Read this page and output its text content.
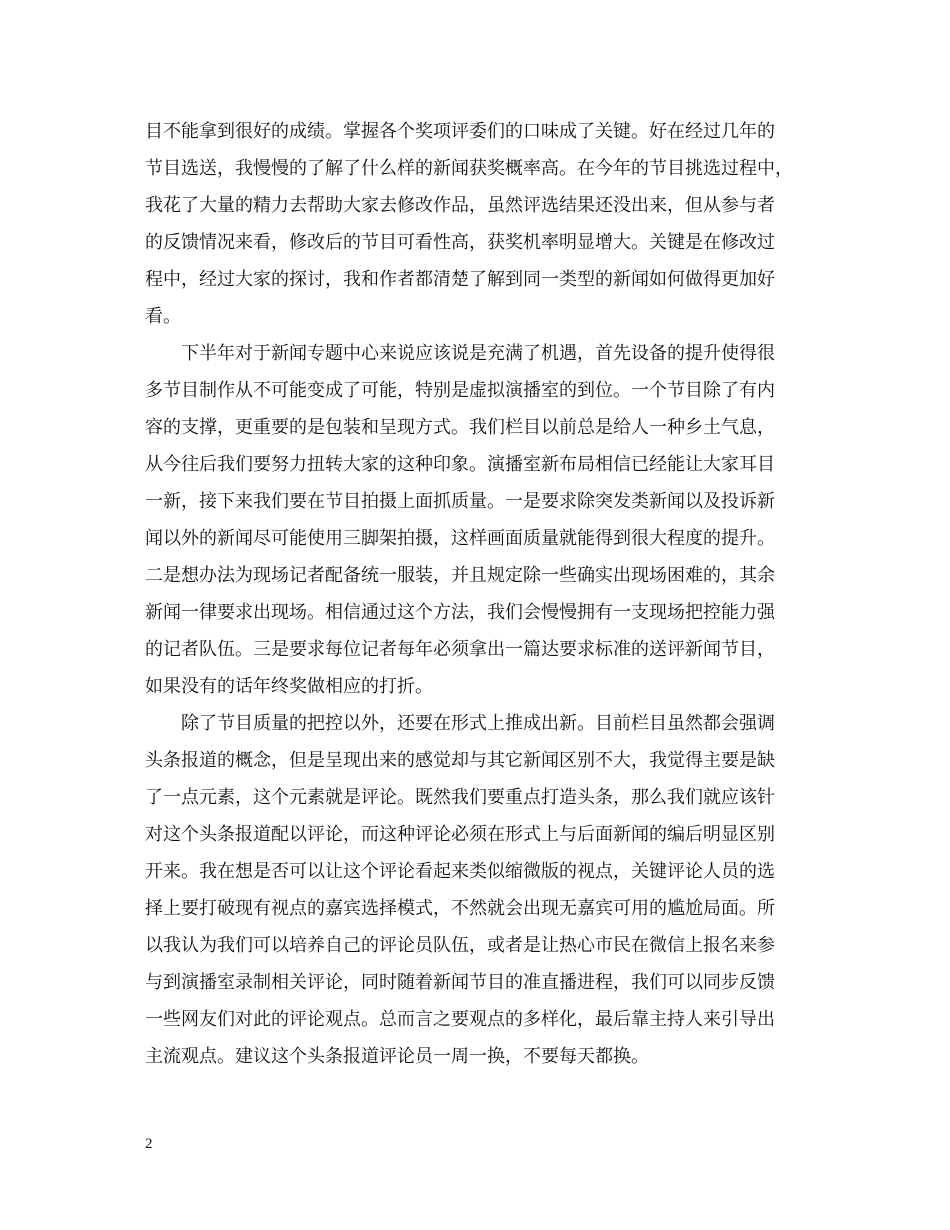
目不能拿到很好的成绩。掌握各个奖项评委们的口味成了关键。好在经过几年的
节目选送，我慢慢的了解了什么样的新闻获奖概率高。在今年的节目挑选过程中，
我花了大量的精力去帮助大家去修改作品，虽然评选结果还没出来，但从参与者
的反馈情况来看，修改后的节目可看性高，获奖机率明显增大。关键是在修改过
程中，经过大家的探讨，我和作者都清楚了解到同一类型的新闻如何做得更加好
看。
下半年对于新闻专题中心来说应该说是充满了机遇，首先设备的提升使得很
多节目制作从不可能变成了可能，特别是虚拟演播室的到位。一个节目除了有内
容的支撑，更重要的是包装和呈现方式。我们栏目以前总是给人一种乡土气息，
从今往后我们要努力扭转大家的这种印象。演播室新布局相信已经能让大家耳目
一新，接下来我们要在节目拍摄上面抓质量。一是要求除突发类新闻以及投诉新
闻以外的新闻尽可能使用三脚架拍摄，这样画面质量就能得到很大程度的提升。
二是想办法为现场记者配备统一服装，并且规定除一些确实出现场困难的，其余
新闻一律要求出现场。相信通过这个方法，我们会慢慢拥有一支现场把控能力强
的记者队伍。三是要求每位记者每年必须拿出一篇达要求标准的送评新闻节目，
如果没有的话年终奖做相应的打折。
除了节目质量的把控以外，还要在形式上推成出新。目前栏目虽然都会强调
头条报道的概念，但是呈现出来的感觉却与其它新闻区别不大，我觉得主要是缺
了一点元素，这个元素就是评论。既然我们要重点打造头条，那么我们就应该针
对这个头条报道配以评论，而这种评论必须在形式上与后面新闻的编后明显区别
开来。我在想是否可以让这个评论看起来类似缩微版的视点，关键评论人员的选
择上要打破现有视点的嘉宾选择模式，不然就会出现无嘉宾可用的尴尬局面。所
以我认为我们可以培养自己的评论员队伍，或者是让热心市民在微信上报名来参
与到演播室录制相关评论，同时随着新闻节目的准直播进程，我们可以同步反馈
一些网友们对此的评论观点。总而言之要观点的多样化，最后靠主持人来引导出
主流观点。建议这个头条报道评论员一周一换，不要每天都换。
2
